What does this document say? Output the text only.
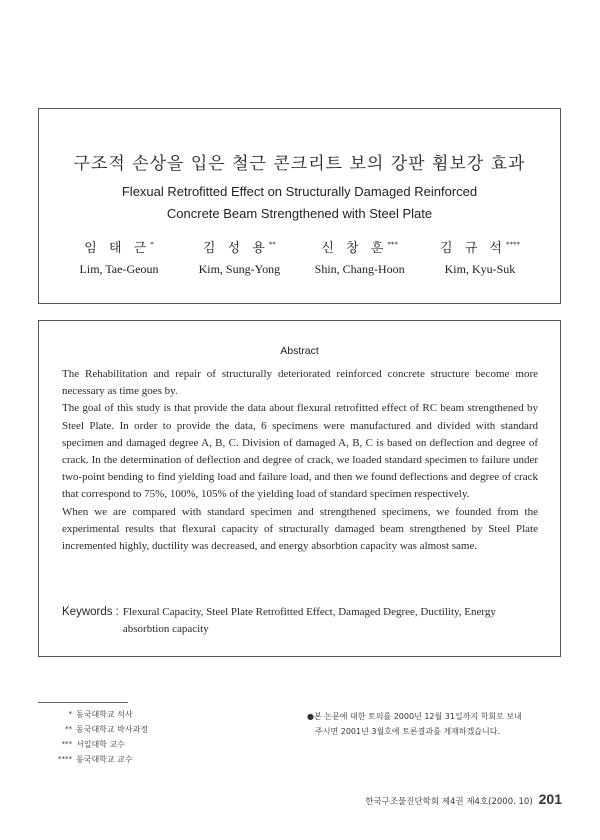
구조적 손상을 입은 철근 콘크리트 보의 강판 휨보강 효과
Flexual Retrofitted Effect on Structurally Damaged Reinforced
Concrete Beam Strengthened with Steel Plate
임 태 근*
Lim, Tae-Geoun
김 성 용**
Kim, Sung-Yong
신 창 훈***
Shin, Chang-Hoon
김 규 석****
Kim, Kyu-Suk
Abstract

The Rehabilitation and repair of structurally deteriorated reinforced concrete structure become more necessary as time goes by.

The goal of this study is that provide the data about flexural retrofitted effect of RC beam strengthened by Steel Plate. In order to provide the data, 6 specimens were manufactured and divided with standard specimen and damaged degree A, B, C. Division of damaged A, B, C is based on deflection and degree of crack. In the determination of deflection and degree of crack, we loaded standard specimen to failure under two-point bending to find yielding load and failure load, and then we found deflections and degree of crack that correspond to 75%, 100%, 105% of the yielding load of standard specimen respectively.

When we are compared with standard specimen and strengthened specimens, we founded from the experimental results that flexural capacity of structurally damaged beam strengthened by Steel Plate incremented highly, ductility was decreased, and energy absorbtion capacity was almost same.

Keywords : Flexural Capacity, Steel Plate Retrofitted Effect, Damaged Degree, Ductility, Energy absorbtion capacity
* 동국대학교 석사
** 동국대학교 박사과정
*** 서일대학 교수
**** 동국대학교 교수
●본 논문에 대한 토의를 2000년 12월 31일까지 학회로 보내
주시면 2001년 3월호에 토론결과를 게재하겠습니다.
한국구조물진단학회 제4권 제4호(2000. 10) 201
